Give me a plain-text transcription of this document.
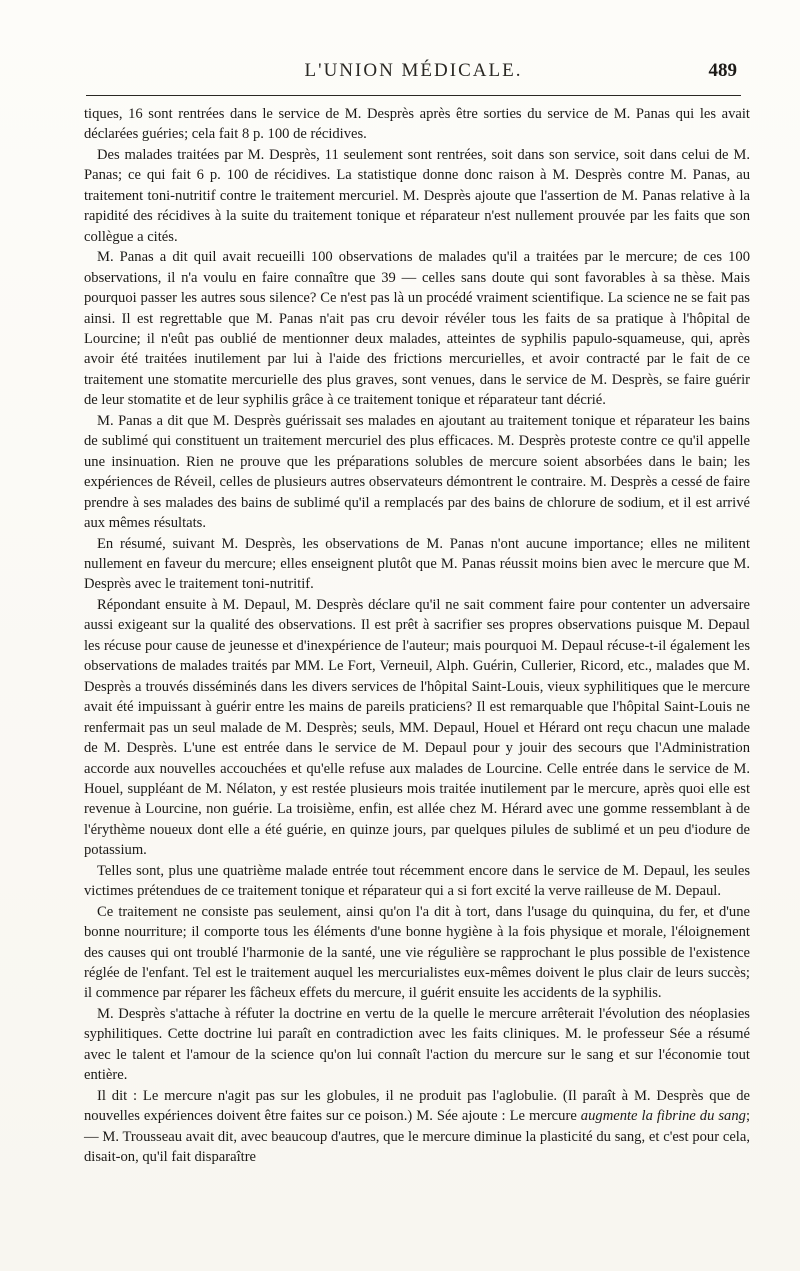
L'UNION MÉDICALE.	489

tiques, 16 sont rentrées dans le service de M. Desprès après être sorties du service de M. Panas qui les avait déclarées guéries; cela fait 8 p. 100 de récidives.

Des malades traitées par M. Desprès, 11 seulement sont rentrées, soit dans son service, soit dans celui de M. Panas; ce qui fait 6 p. 100 de récidives. La statistique donne donc raison à M. Desprès contre M. Panas, au traitement toni-nutritif contre le traitement mercuriel. M. Desprès ajoute que l'assertion de M. Panas relative à la rapidité des récidives à la suite du traitement tonique et réparateur n'est nullement prouvée par les faits que son collègue a cités.

M. Panas a dit quil avait recueilli 100 observations de malades qu'il a traitées par le mercure; de ces 100 observations, il n'a voulu en faire connaître que 39 — celles sans doute qui sont favorables à sa thèse. Mais pourquoi passer les autres sous silence? Ce n'est pas là un procédé vraiment scientifique. La science ne se fait pas ainsi. Il est regrettable que M. Panas n'ait pas cru devoir révéler tous les faits de sa pratique à l'hôpital de Lourcine; il n'eût pas oublié de mentionner deux malades, atteintes de syphilis papulo-squameuse, qui, après avoir été traitées inutilement par lui à l'aide des frictions mercurielles, et avoir contracté par le fait de ce traitement une stomatite mercurielle des plus graves, sont venues, dans le service de M. Desprès, se faire guérir de leur stomatite et de leur syphilis grâce à ce traitement tonique et réparateur tant décrié.

M. Panas a dit que M. Desprès guérissait ses malades en ajoutant au traitement tonique et réparateur les bains de sublimé qui constituent un traitement mercuriel des plus efficaces. M. Desprès proteste contre ce qu'il appelle une insinuation. Rien ne prouve que les préparations solubles de mercure soient absorbées dans le bain; les expériences de Réveil, celles de plusieurs autres observateurs démontrent le contraire. M. Desprès a cessé de faire prendre à ses malades des bains de sublimé qu'il a remplacés par des bains de chlorure de sodium, et il est arrivé aux mêmes résultats.

En résumé, suivant M. Desprès, les observations de M. Panas n'ont aucune importance; elles ne militent nullement en faveur du mercure; elles enseignent plutôt que M. Panas réussit moins bien avec le mercure que M. Desprès avec le traitement toni-nutritif.

Répondant ensuite à M. Depaul, M. Desprès déclare qu'il ne sait comment faire pour contenter un adversaire aussi exigeant sur la qualité des observations. Il est prêt à sacrifier ses propres observations puisque M. Depaul les récuse pour cause de jeunesse et d'inexpérience de l'auteur; mais pourquoi M. Depaul récuse-t-il également les observations de malades traités par MM. Le Fort, Verneuil, Alph. Guérin, Cullerier, Ricord, etc., malades que M. Desprès a trouvés disséminés dans les divers services de l'hôpital Saint-Louis, vieux syphilitiques que le mercure avait été impuissant à guérir entre les mains de pareils praticiens? Il est remarquable que l'hôpital Saint-Louis ne renfermait pas un seul malade de M. Desprès; seuls, MM. Depaul, Houel et Hérard ont reçu chacun une malade de M. Desprès. L'une est entrée dans le service de M. Depaul pour y jouir des secours que l'Administration accorde aux nouvelles accouchées et qu'elle refuse aux malades de Lourcine. Celle entrée dans le service de M. Houel, suppléant de M. Nélaton, y est restée plusieurs mois traitée inutilement par le mercure, après quoi elle est revenue à Lourcine, non guérie. La troisième, enfin, est allée chez M. Hérard avec une gomme ressemblant à de l'érythème noueux dont elle a été guérie, en quinze jours, par quelques pilules de sublimé et un peu d'iodure de potassium.

Telles sont, plus une quatrième malade entrée tout récemment encore dans le service de M. Depaul, les seules victimes prétendues de ce traitement tonique et réparateur qui a si fort excité la verve railleuse de M. Depaul.

Ce traitement ne consiste pas seulement, ainsi qu'on l'a dit à tort, dans l'usage du quinquina, du fer, et d'une bonne nourriture; il comporte tous les éléments d'une bonne hygiène à la fois physique et morale, l'éloignement des causes qui ont troublé l'harmonie de la santé, une vie régulière se rapprochant le plus possible de l'existence réglée de l'enfant. Tel est le traitement auquel les mercurialistes eux-mêmes doivent le plus clair de leurs succès; il commence par réparer les fâcheux effets du mercure, il guérit ensuite les accidents de la syphilis.

M. Desprès s'attache à réfuter la doctrine en vertu de la quelle le mercure arrêterait l'évolution des néoplasies syphilitiques. Cette doctrine lui paraît en contradiction avec les faits cliniques. M. le professeur Sée a résumé avec le talent et l'amour de la science qu'on lui connaît l'action du mercure sur le sang et sur l'économie tout entière.

Il dit : Le mercure n'agit pas sur les globules, il ne produit pas l'aglobulie. (Il paraît à M. Desprès que de nouvelles expériences doivent être faites sur ce poison.) M. Sée ajoute : Le mercure augmente la fibrine du sang; — M. Trousseau avait dit, avec beaucoup d'autres, que le mercure diminue la plasticité du sang, et c'est pour cela, disait-on, qu'il fait disparaître
